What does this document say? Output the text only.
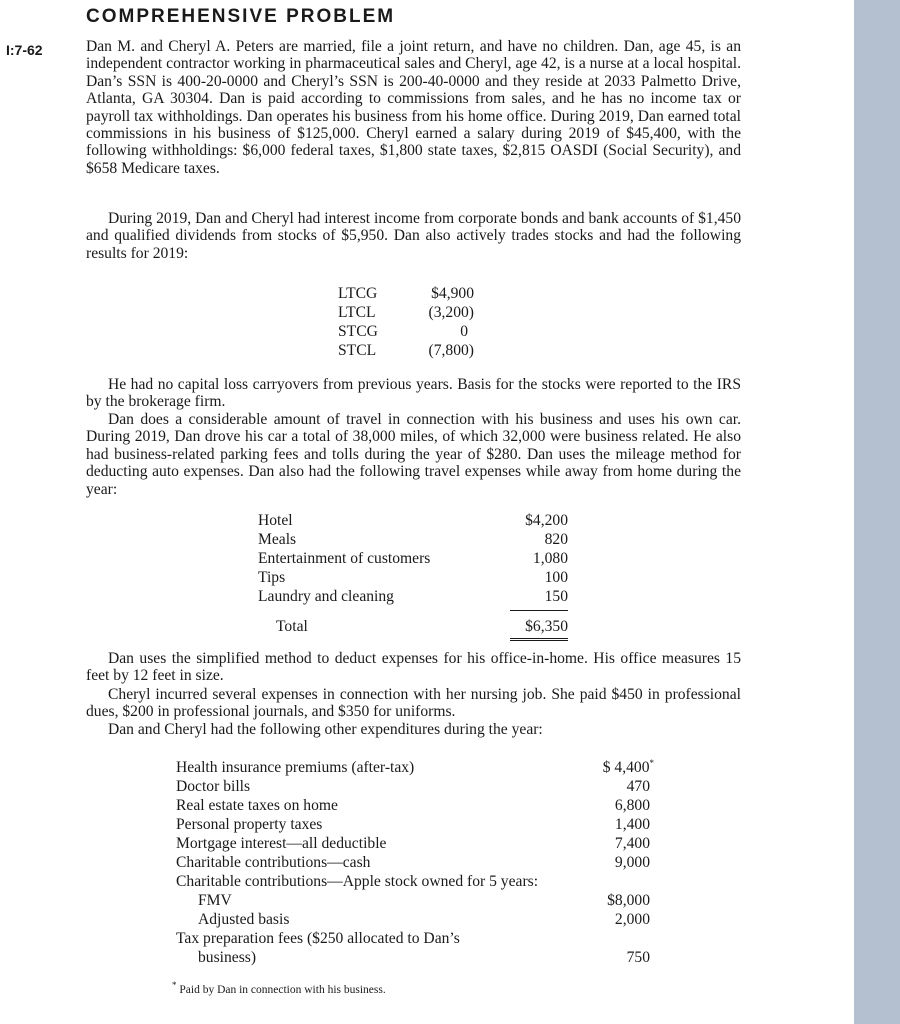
COMPREHENSIVE PROBLEM
I:7-62	Dan M. and Cheryl A. Peters are married, file a joint return, and have no children. Dan, age 45, is an independent contractor working in pharmaceutical sales and Cheryl, age 42, is a nurse at a local hospital. Dan’s SSN is 400-20-0000 and Cheryl’s SSN is 200-40-0000 and they reside at 2033 Palmetto Drive, Atlanta, GA 30304. Dan is paid according to commissions from sales, and he has no income tax or payroll tax withholdings. Dan operates his business from his home office. During 2019, Dan earned total commissions in his business of $125,000. Cheryl earned a salary during 2019 of $45,400, with the following withholdings: $6,000 federal taxes, $1,800 state taxes, $2,815 OASDI (Social Security), and $658 Medicare taxes.

During 2019, Dan and Cheryl had interest income from corporate bonds and bank accounts of $1,450 and qualified dividends from stocks of $5,950. Dan also actively trades stocks and had the following results for 2019:

LTCG	$4,900
LTCL	(3,200)
STCG	0
STCL	(7,800)

He had no capital loss carryovers from previous years. Basis for the stocks were reported to the IRS by the brokerage firm.

Dan does a considerable amount of travel in connection with his business and uses his own car. During 2019, Dan drove his car a total of 38,000 miles, of which 32,000 were business related. He also had business-related parking fees and tolls during the year of $280. Dan uses the mileage method for deducting auto expenses. Dan also had the following travel expenses while away from home during the year:

Hotel	$4,200
Meals	820
Entertainment of customers	1,080
Tips	100
Laundry and cleaning	150
Total	$6,350

Dan uses the simplified method to deduct expenses for his office-in-home. His office measures 15 feet by 12 feet in size.

Cheryl incurred several expenses in connection with her nursing job. She paid $450 in professional dues, $200 in professional journals, and $350 for uniforms.

Dan and Cheryl had the following other expenditures during the year:

Health insurance premiums (after-tax)	$ 4,400*
Doctor bills	470
Real estate taxes on home	6,800
Personal property taxes	1,400
Mortgage interest—all deductible	7,400
Charitable contributions—cash	9,000
Charitable contributions—Apple stock owned for 5 years:
FMV	$8,000
Adjusted basis	2,000
Tax preparation fees ($250 allocated to Dan’s
business)	750
* Paid by Dan in connection with his business.
